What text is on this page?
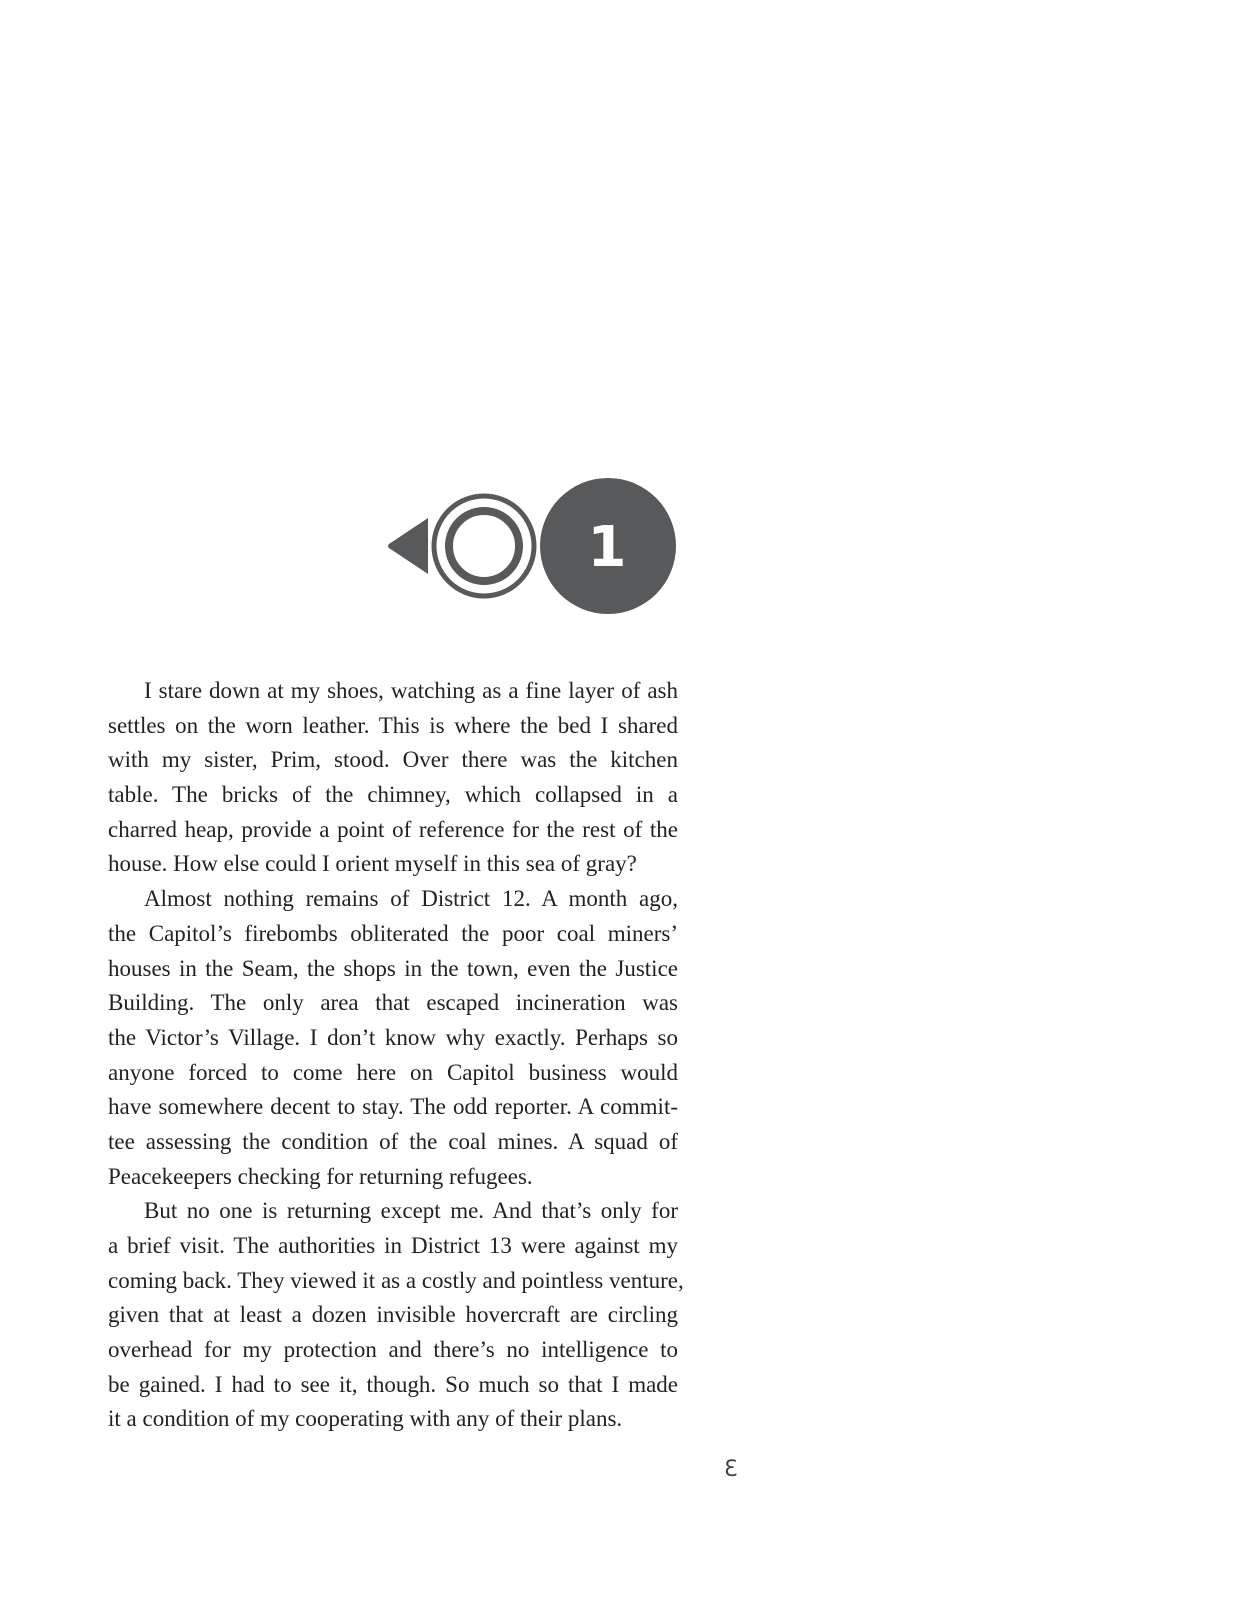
1
I stare down at my shoes, watching as a fine layer of ash
settles on the worn leather. This is where the bed I shared
with my sister, Prim, stood. Over there was the kitchen
table. The bricks of the chimney, which collapsed in a
charred heap, provide a point of reference for the rest of the
house. How else could I orient myself in this sea of gray?
Almost nothing remains of District 12. A month ago,
the Capitol’s firebombs obliterated the poor coal miners’
houses in the Seam, the shops in the town, even the Justice
Building. The only area that escaped incineration was
the Victor’s Village. I don’t know why exactly. Perhaps so
anyone forced to come here on Capitol business would
have somewhere decent to stay. The odd reporter. A commit-
tee assessing the condition of the coal mines. A squad of
Peacekeepers checking for returning refugees.
But no one is returning except me. And that’s only for
a brief visit. The authorities in District 13 were against my
coming back. They viewed it as a costly and pointless venture,
given that at least a dozen invisible hovercraft are circling
overhead for my protection and there’s no intelligence to
be gained. I had to see it, though. So much so that I made
it a condition of my cooperating with any of their plans.
3
